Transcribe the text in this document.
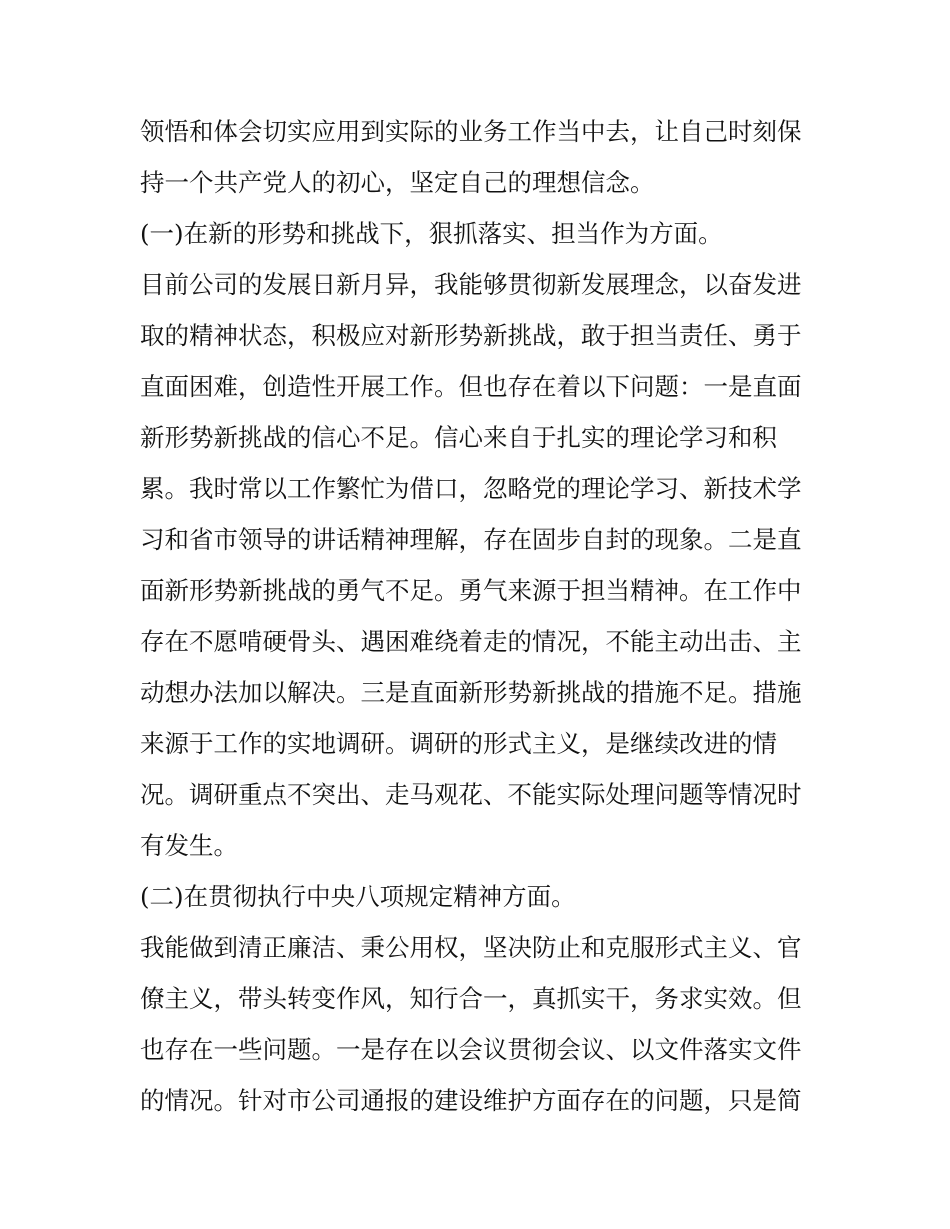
领悟和体会切实应用到实际的业务工作当中去，让自己时刻保
持一个共产党人的初心，坚定自己的理想信念。
(一)在新的形势和挑战下，狠抓落实、担当作为方面。
目前公司的发展日新月异，我能够贯彻新发展理念，以奋发进
取的精神状态，积极应对新形势新挑战，敢于担当责任、勇于
直面困难，创造性开展工作。但也存在着以下问题：一是直面
新形势新挑战的信心不足。信心来自于扎实的理论学习和积
累。我时常以工作繁忙为借口，忽略党的理论学习、新技术学
习和省市领导的讲话精神理解，存在固步自封的现象。二是直
面新形势新挑战的勇气不足。勇气来源于担当精神。在工作中
存在不愿啃硬骨头、遇困难绕着走的情况，不能主动出击、主
动想办法加以解决。三是直面新形势新挑战的措施不足。措施
来源于工作的实地调研。调研的形式主义，是继续改进的情
况。调研重点不突出、走马观花、不能实际处理问题等情况时
有发生。
(二)在贯彻执行中央八项规定精神方面。
我能做到清正廉洁、秉公用权，坚决防止和克服形式主义、官
僚主义，带头转变作风，知行合一，真抓实干，务求实效。但
也存在一些问题。一是存在以会议贯彻会议、以文件落实文件
的情况。针对市公司通报的建设维护方面存在的问题，只是简
